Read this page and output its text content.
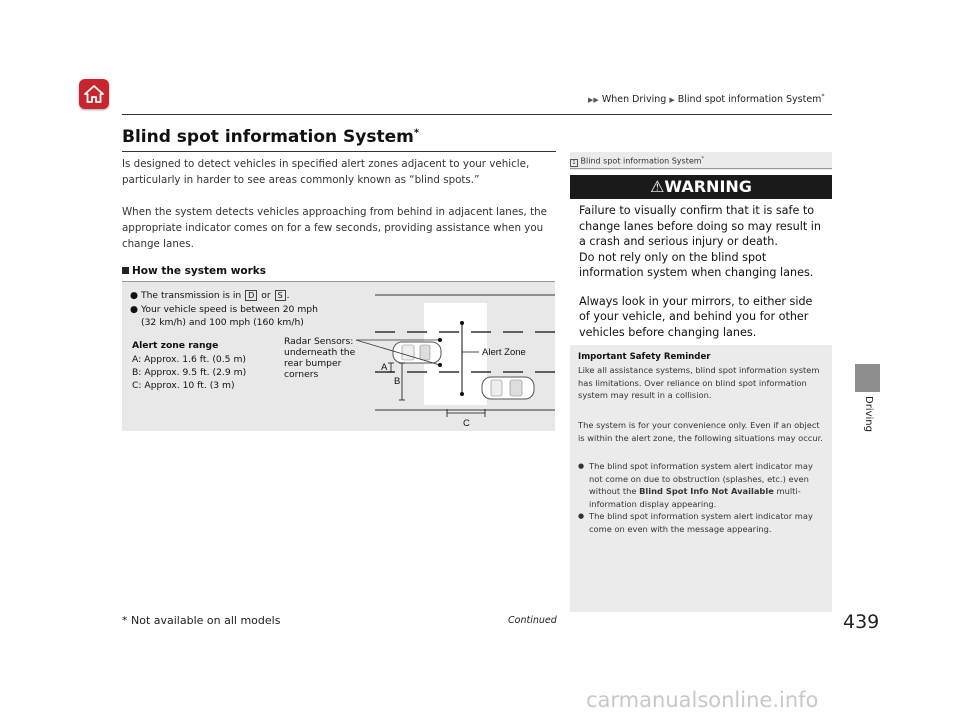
▶▶ When Driving ▶ Blind spot information System*
Blind spot information System*
Is designed to detect vehicles in specified alert zones adjacent to your vehicle, particularly in harder to see areas commonly known as “blind spots.”
When the system detects vehicles approaching from behind in adjacent lanes, the appropriate indicator comes on for a few seconds, providing assistance when you change lanes.
How the system works
● The transmission is in D or S .
● Your vehicle speed is between 20 mph
(32 km/h) and 100 mph (160 km/h)
Alert zone range
A: Approx. 1.6 ft. (0.5 m)
B: Approx. 9.5 ft. (2.9 m)
C: Approx. 10 ft. (3 m)
Radar Sensors:
underneath the
rear bumper
corners
Alert Zone
A
B
C
1 Blind spot information System*
⚠WARNING

Failure to visually confirm that it is safe to
change lanes before doing so may result in
a crash and serious injury or death.
Do not rely only on the blind spot
information system when changing lanes.

Always look in your mirrors, to either side
of your vehicle, and behind you for other
vehicles before changing lanes.

Important Safety Reminder
Like all assistance systems, blind spot information system has limitations. Over reliance on blind spot information system may result in a collision.
The system is for your convenience only. Even if an object is within the alert zone, the following situations may occur.

● The blind spot information system alert indicator may not come on due to obstruction (splashes, etc.) even without the Blind Spot Info Not Available multi-information display appearing.

● The blind spot information system alert indicator may come on even with the message appearing.

Driving
* Not available on all models	Continued	439
carmanualsonline.info
